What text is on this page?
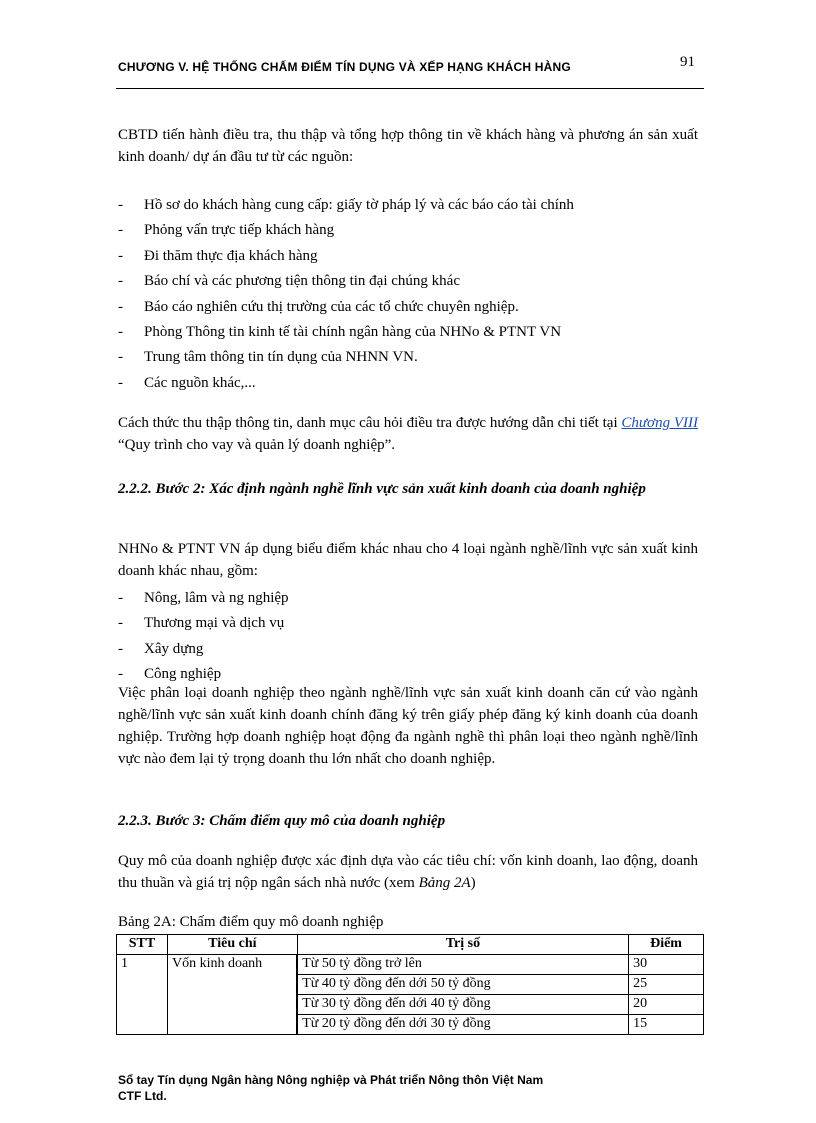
CHƯƠNG V. HỆ THỐNG CHẤM ĐIỂM TÍN DỤNG VÀ XẾP HẠNG KHÁCH HÀNG	91

CBTD tiến hành điều tra, thu thập và tổng hợp thông tin về khách hàng và phương án sản xuất kinh doanh/ dự án đầu tư từ các nguồn:

- Hồ sơ do khách hàng cung cấp: giấy tờ pháp lý và các báo cáo tài chính
- Phỏng vấn trực tiếp khách hàng
- Đi thăm thực địa khách hàng
- Báo chí và các phương tiện thông tin đại chúng khác
- Báo cáo nghiên cứu thị trường của các tổ chức chuyên nghiệp.
- Phòng Thông tin kinh tế tài chính ngân hàng của NHNo & PTNT VN
- Trung tâm thông tin tín dụng của NHNN VN.
- Các nguồn khác,...

Cách thức thu thập thông tin, danh mục câu hỏi điều tra được hướng dẫn chi tiết tại Chương VIII “Quy trình cho vay và quản lý doanh nghiệp”.

2.2.2. Bước 2: Xác định ngành nghề lĩnh vực sản xuất kinh doanh của doanh nghiệp

NHNo & PTNT VN áp dụng biểu điểm khác nhau cho 4 loại ngành nghề/lĩnh vực sản xuất kinh doanh khác nhau, gồm:

- Nông, lâm và ng nghiệp
- Thương mại và dịch vụ
- Xây dựng
- Công nghiệp

Việc phân loại doanh nghiệp theo ngành nghề/lĩnh vực sản xuất kinh doanh căn cứ vào ngành nghề/lĩnh vực sản xuất kinh doanh chính đăng ký trên giấy phép đăng ký kinh doanh của doanh nghiệp. Trường hợp doanh nghiệp hoạt động đa ngành nghề thì phân loại theo ngành nghề/lĩnh vực nào đem lại tỷ trọng doanh thu lớn nhất cho doanh nghiệp.

2.2.3. Bước 3: Chấm điểm quy mô của doanh nghiệp

Quy mô của doanh nghiệp được xác định dựa vào các tiêu chí: vốn kinh doanh, lao động, doanh thu thuần và giá trị nộp ngân sách nhà nước (xem Bảng 2A)

Bảng 2A: Chấm điểm quy mô doanh nghiệp
STT	Tiêu chí	Trị số	Điểm
1	Vốn kinh doanh	Từ 50 tỷ đồng trở lên	30
		Từ 40 tỷ đồng đến dới 50 tỷ đồng	25
		Từ 30 tỷ đồng đến dới 40 tỷ đồng	20
		Từ 20 tỷ đồng đến dới 30 tỷ đồng	15
Sổ tay Tín dụng Ngân hàng Nông nghiệp và Phát triển Nông thôn Việt Nam
CTF Ltd.
